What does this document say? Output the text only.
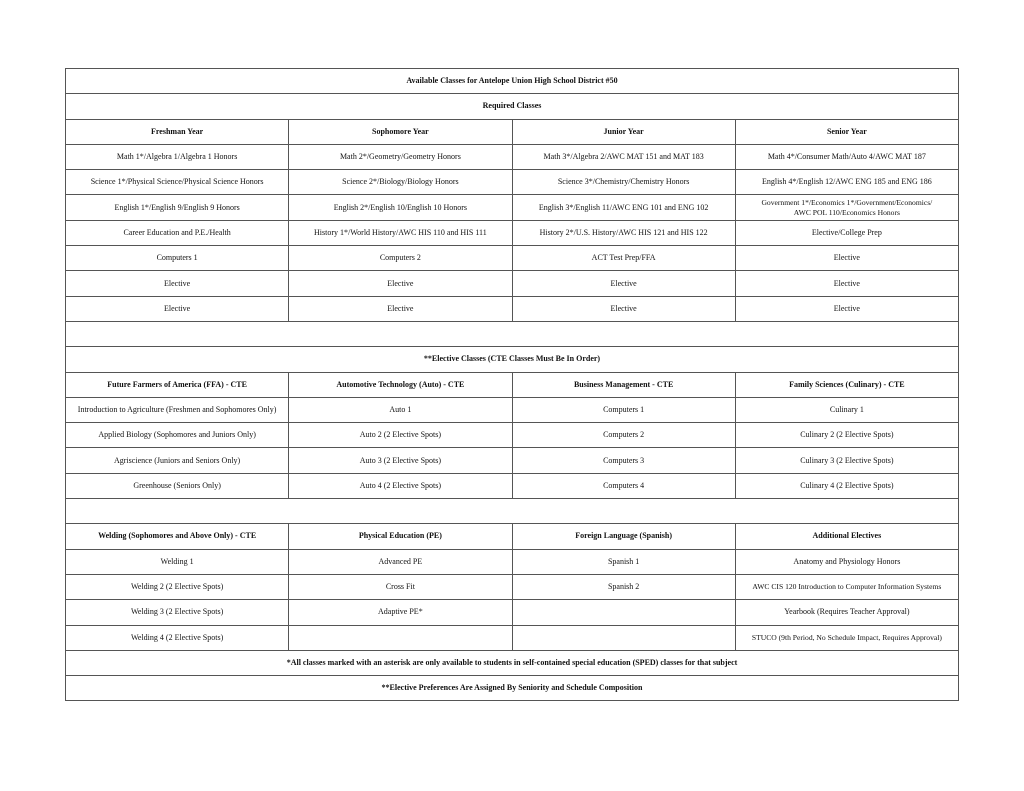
Available Classes for Antelope Union High School District #50			
Required Classes			
Freshman Year	Sophomore Year	Junior Year	Senior Year
Math 1*/Algebra 1/Algebra 1 Honors	Math 2*/Geometry/Geometry Honors	Math 3*/Algebra 2/AWC MAT 151 and MAT 183	Math 4*/Consumer Math/Auto 4/AWC MAT 187
Science 1*/Physical Science/Physical Science Honors	Science 2*/Biology/Biology Honors	Science 3*/Chemistry/Chemistry Honors	English 4*/English 12/AWC ENG 185 and ENG 186
English 1*/English 9/English 9 Honors	English 2*/English 10/English 10 Honors	English 3*/English 11/AWC ENG 101 and ENG 102	Government 1*/Economics 1*/Government/Economics/
AWC POL 110/Economics Honors
Career Education and P.E./Health	History 1*/World History/AWC HIS 110 and HIS 111	History 2*/U.S. History/AWC HIS 121 and HIS 122	Elective/College Prep
Computers 1	Computers 2	ACT Test Prep/FFA	Elective
Elective	Elective	Elective	Elective
Elective	Elective	Elective	Elective

**Elective Classes (CTE Classes Must Be In Order)			
Future Farmers of America (FFA) - CTE	Automotive Technology (Auto) - CTE	Business Management - CTE	Family Sciences (Culinary) - CTE
Introduction to Agriculture (Freshmen and Sophomores Only)	Auto 1	Computers 1	Culinary 1
Applied Biology (Sophomores and Juniors Only)	Auto 2 (2 Elective Spots)	Computers 2	Culinary 2 (2 Elective Spots)
Agriscience (Juniors and Seniors Only)	Auto 3 (2 Elective Spots)	Computers 3	Culinary 3 (2 Elective Spots)
Greenhouse (Seniors Only)	Auto 4 (2 Elective Spots)	Computers 4	Culinary 4 (2 Elective Spots)

Welding (Sophomores and Above Only) - CTE	Physical Education (PE)	Foreign Language (Spanish)	Additional Electives
Welding 1	Advanced PE	Spanish 1	Anatomy and Physiology Honors
Welding 2 (2 Elective Spots)	Cross Fit	Spanish 2	AWC CIS 120 Introduction to Computer Information Systems
Welding 3 (2 Elective Spots)	Adaptive PE*		Yearbook (Requires Teacher Approval)
Welding 4 (2 Elective Spots)			STUCO (9th Period, No Schedule Impact, Requires Approval)
*All classes marked with an asterisk are only available to students in self-contained special education (SPED) classes for that subject			
**Elective Preferences Are Assigned By Seniority and Schedule Composition			
